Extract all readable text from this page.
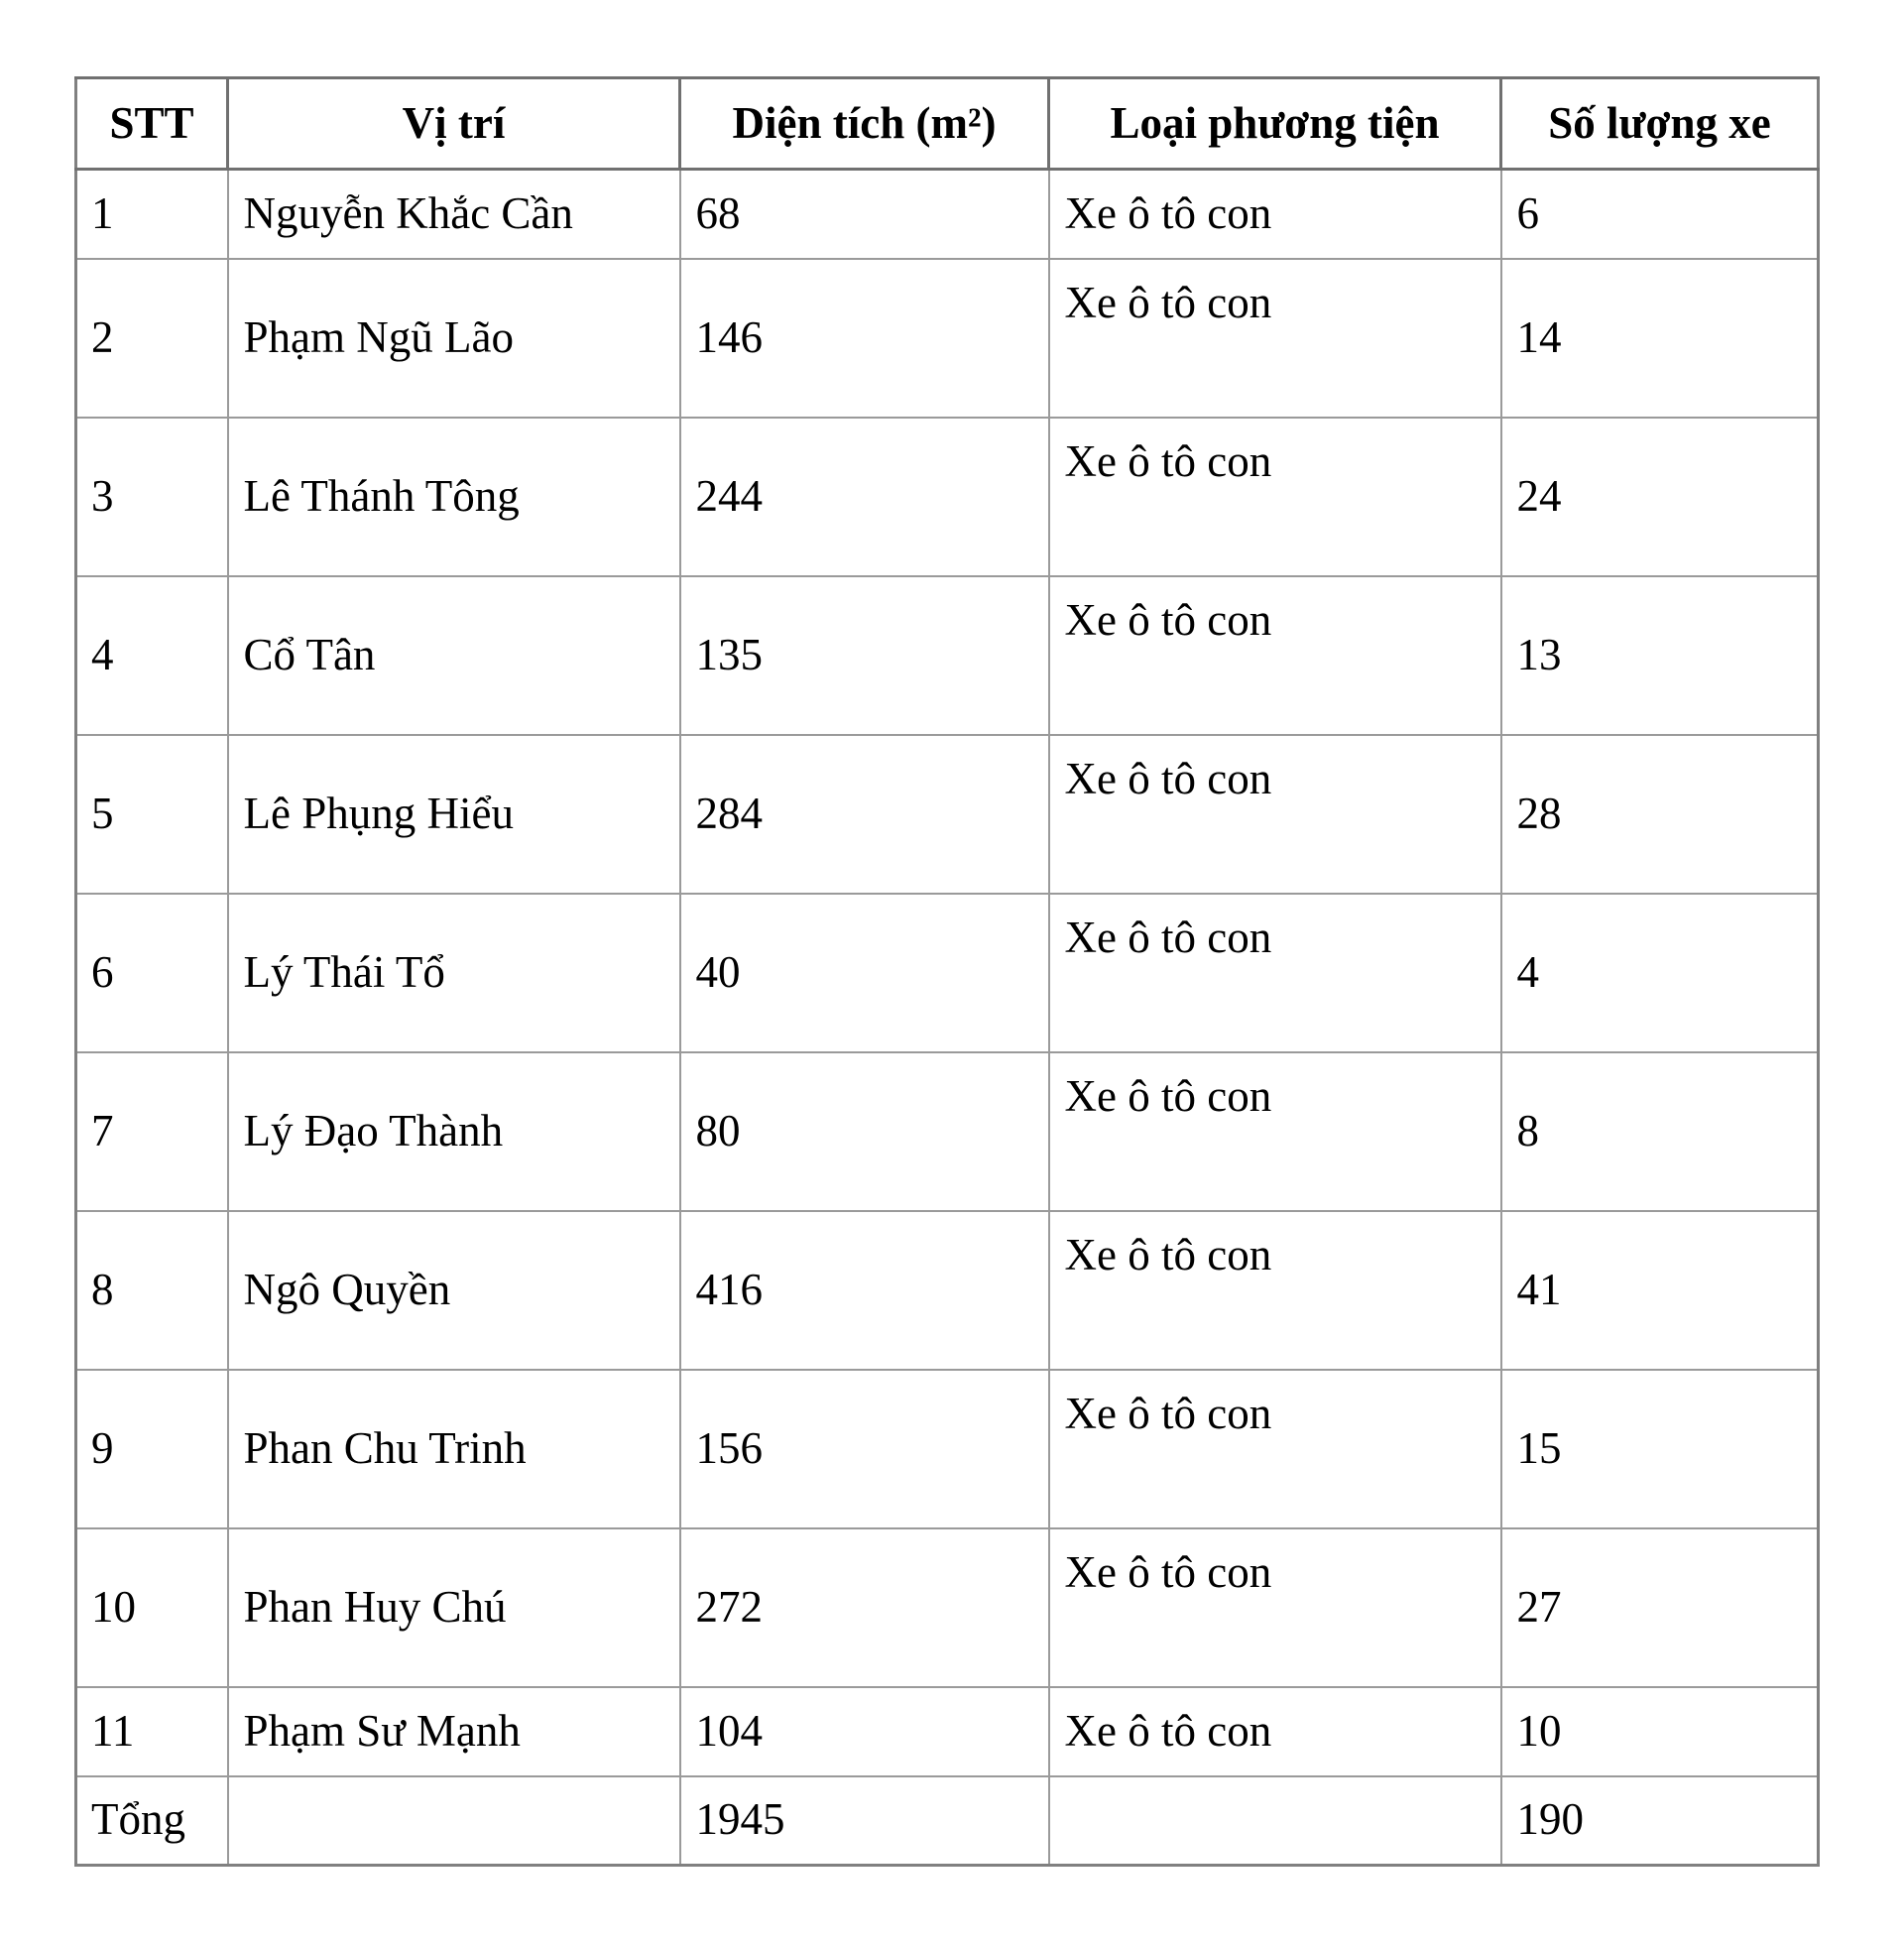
STT	Vị trí	Diện tích (m²)	Loại phương tiện	Số lượng xe
1	Nguyễn Khắc Cần	68	Xe ô tô con	6
2	Phạm Ngũ Lão	146	Xe ô tô con	14
3	Lê Thánh Tông	244	Xe ô tô con	24
4	Cổ Tân	135	Xe ô tô con	13
5	Lê Phụng Hiểu	284	Xe ô tô con	28
6	Lý Thái Tổ	40	Xe ô tô con	4
7	Lý Đạo Thành	80	Xe ô tô con	8
8	Ngô Quyền	416	Xe ô tô con	41
9	Phan Chu Trinh	156	Xe ô tô con	15
10	Phan Huy Chú	272	Xe ô tô con	27
11	Phạm Sư Mạnh	104	Xe ô tô con	10
Tổng		1945		190
